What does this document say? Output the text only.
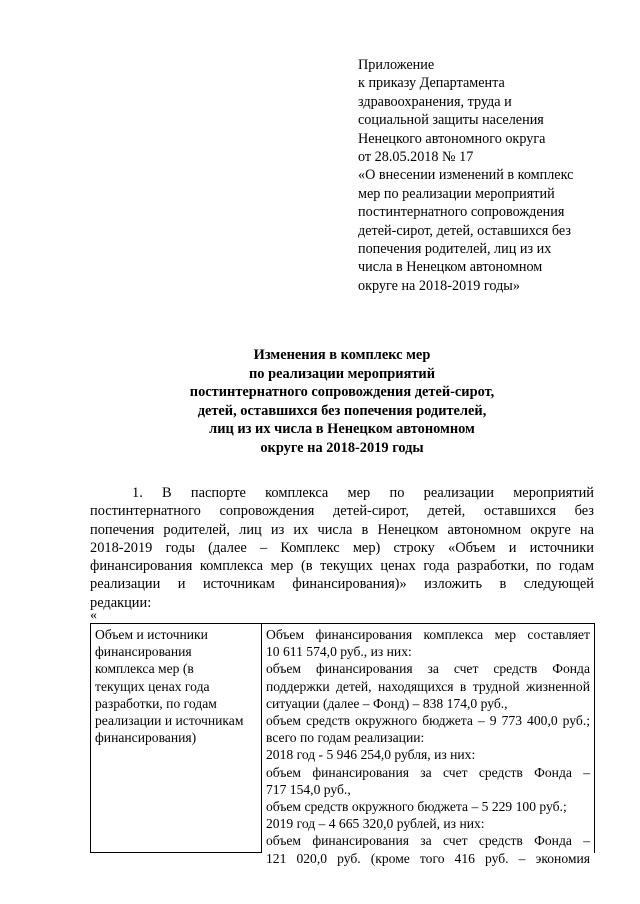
Приложение
к приказу Департамента
здравоохранения, труда и
социальной защиты населения
Ненецкого автономного округа
от 28.05.2018 № 17
«О внесении изменений в комплекс
мер по реализации мероприятий
постинтернатного сопровождения
детей-сирот, детей, оставшихся без
попечения родителей, лиц из их
числа в Ненецком автономном
округе на 2018-2019 годы»
Изменения в комплекс мер
по реализации мероприятий
постинтернатного сопровождения детей-сирот,
детей, оставшихся без попечения родителей,
лиц из их числа в Ненецком автономном
округе на 2018-2019 годы
1. В паспорте комплекса мер по реализации мероприятий
постинтернатного сопровождения детей-сирот, детей, оставшихся без
попечения родителей, лиц из их числа в Ненецком автономном округе на
2018-2019 годы (далее – Комплекс мер) строку «Объем и источники
финансирования комплекса мер (в текущих ценах года разработки, по годам
реализации и источникам финансирования)» изложить в следующей
редакции:
«
Объем и источники
финансирования
комплекса мер (в
текущих ценах года
разработки, по годам
реализации и источникам
финансирования)

Объем финансирования комплекса мер составляет
10 611 574,0 руб., из них:
объем финансирования за счет средств Фонда
поддержки детей, находящихся в трудной жизненной
ситуации (далее – Фонд) – 838 174,0 руб.,
объем средств окружного бюджета – 9 773 400,0 руб.;
всего по годам реализации:
2018 год - 5 946 254,0 рубля, из них:
объем финансирования за счет средств Фонда –
717 154,0 руб.,
объем средств окружного бюджета – 5 229 100 руб.;
2019 год – 4 665 320,0 рублей, из них:
объем финансирования за счет средств Фонда –
121 020,0 руб. (кроме того 416 руб. – экономия
